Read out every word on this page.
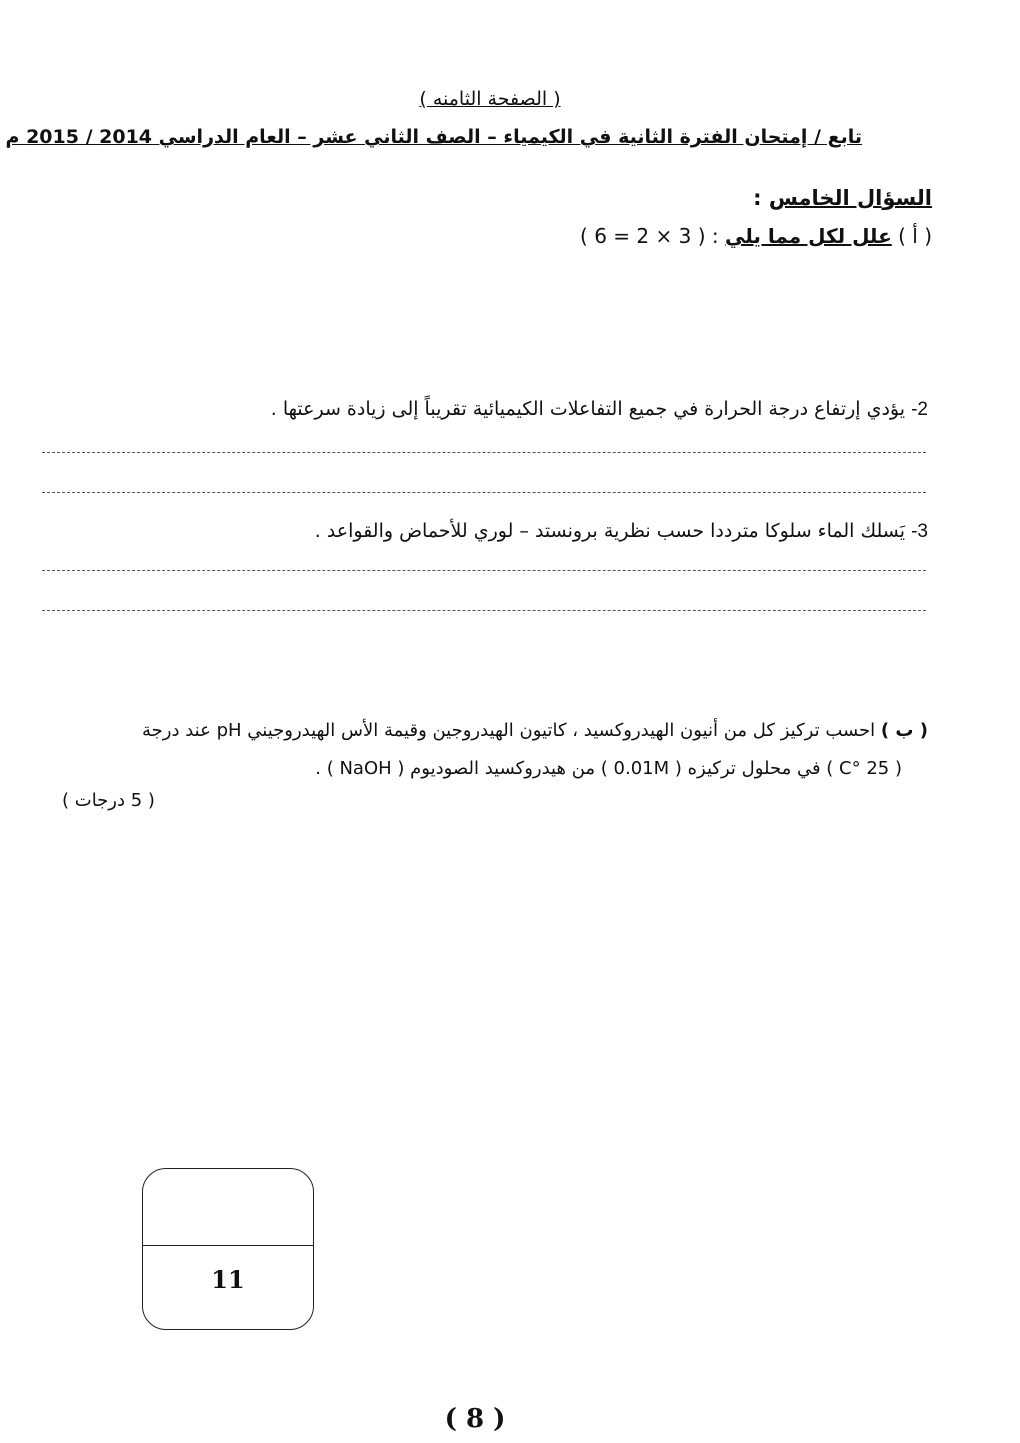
( الصفحة الثامنه )
تابع / إمتحان الفترة الثانية في الكيمياء – الصف الثاني عشر – العام الدراسي 2014 / 2015 م
السؤال الخامس :
( أ ) علل لكل مما يلي : ( 3 × 2 = 6 )
2- يؤدي إرتفاع درجة الحرارة في جميع التفاعلات الكيميائية تقريباً إلى زيادة سرعتها .
3- يَسلك الماء سلوكا مترددا حسب نظرية برونستد – لوري للأحماض والقواعد .
( ب ) احسب تركيز كل من أنيون الهيدروكسيد ، كاتيون الهيدروجين وقيمة الأس الهيدروجيني pH عند درجة
( 25 °C ) في محلول تركيزه ( 0.01M ) من هيدروكسيد الصوديوم ( NaOH ) .
( 5 درجات )
11
( 8 )
